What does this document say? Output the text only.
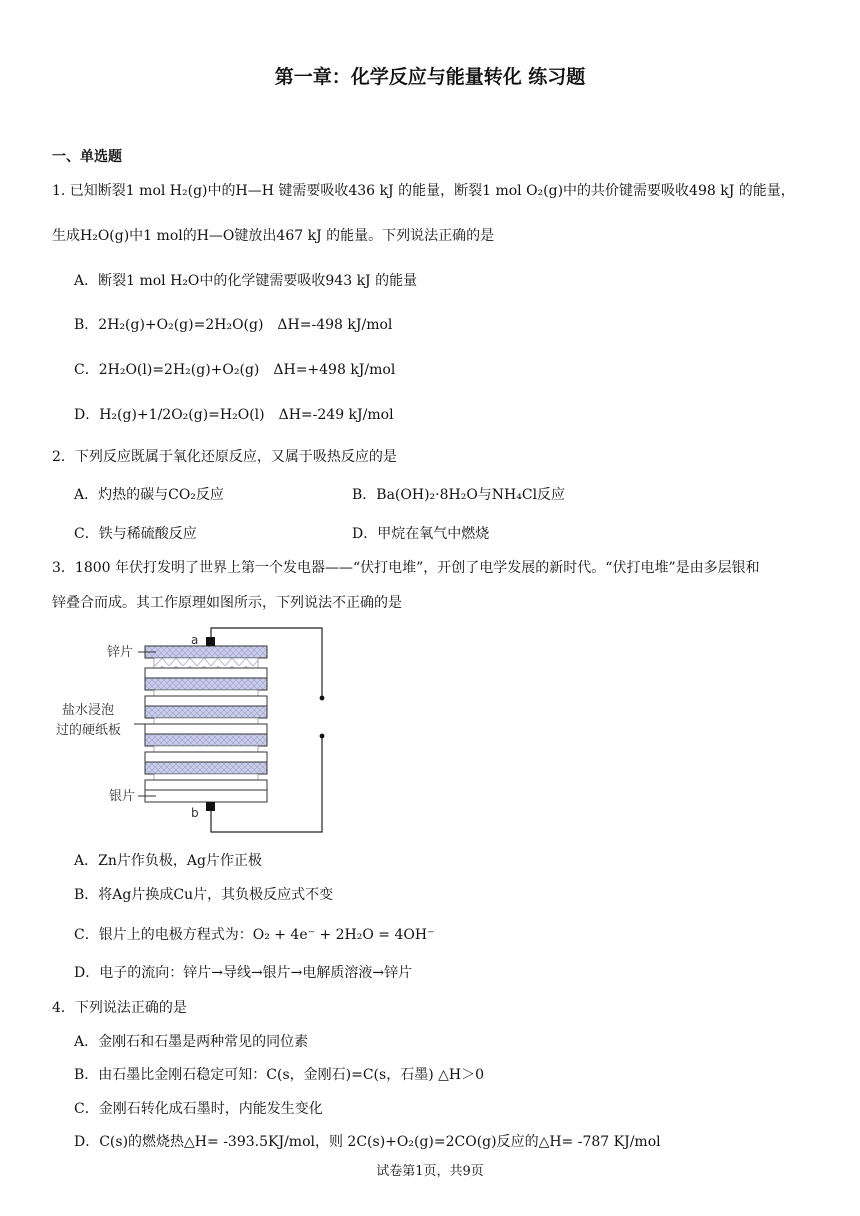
第一章：化学反应与能量转化 练习题
一、单选题
1. 已知断裂1 mol H₂(g)中的H—H 键需要吸收436 kJ 的能量，断裂1 mol O₂(g)中的共价键需要吸收498 kJ 的能量，
生成H₂O(g)中1 mol的H—O键放出467 kJ 的能量。下列说法正确的是
A．断裂1 mol H₂O中的化学键需要吸收943 kJ 的能量
B．2H₂(g)+O₂(g)=2H₂O(g)　ΔH=-498 kJ/mol
C．2H₂O(l)=2H₂(g)+O₂(g)　ΔH=+498 kJ/mol
D．H₂(g)+1/2O₂(g)=H₂O(l)　ΔH=-249 kJ/mol
2．下列反应既属于氧化还原反应，又属于吸热反应的是
A．灼热的碳与CO₂反应	B．Ba(OH)₂·8H₂O与NH₄Cl反应
C．铁与稀硫酸反应	D．甲烷在氧气中燃烧
3．1800 年伏打发明了世界上第一个发电器——“伏打电堆”，开创了电学发展的新时代。“伏打电堆”是由多层银和
锌叠合而成。其工作原理如图所示，下列说法不正确的是
锌片
盐水浸泡
过的硬纸板
银片
a
b
A．Zn片作负极，Ag片作正极
B．将Ag片换成Cu片，其负极反应式不变
C．银片上的电极方程式为：O₂ + 4e⁻ + 2H₂O = 4OH⁻
D．电子的流向：锌片→导线→银片→电解质溶液→锌片
4．下列说法正确的是
A．金刚石和石墨是两种常见的同位素
B．由石墨比金刚石稳定可知：C(s，金刚石)=C(s，石墨) △H＞0
C．金刚石转化成石墨时，内能发生变化
D．C(s)的燃烧热△H= -393.5KJ/mol，则 2C(s)+O₂(g)=2CO(g)反应的△H= -787 KJ/mol
试卷第1页，共9页
